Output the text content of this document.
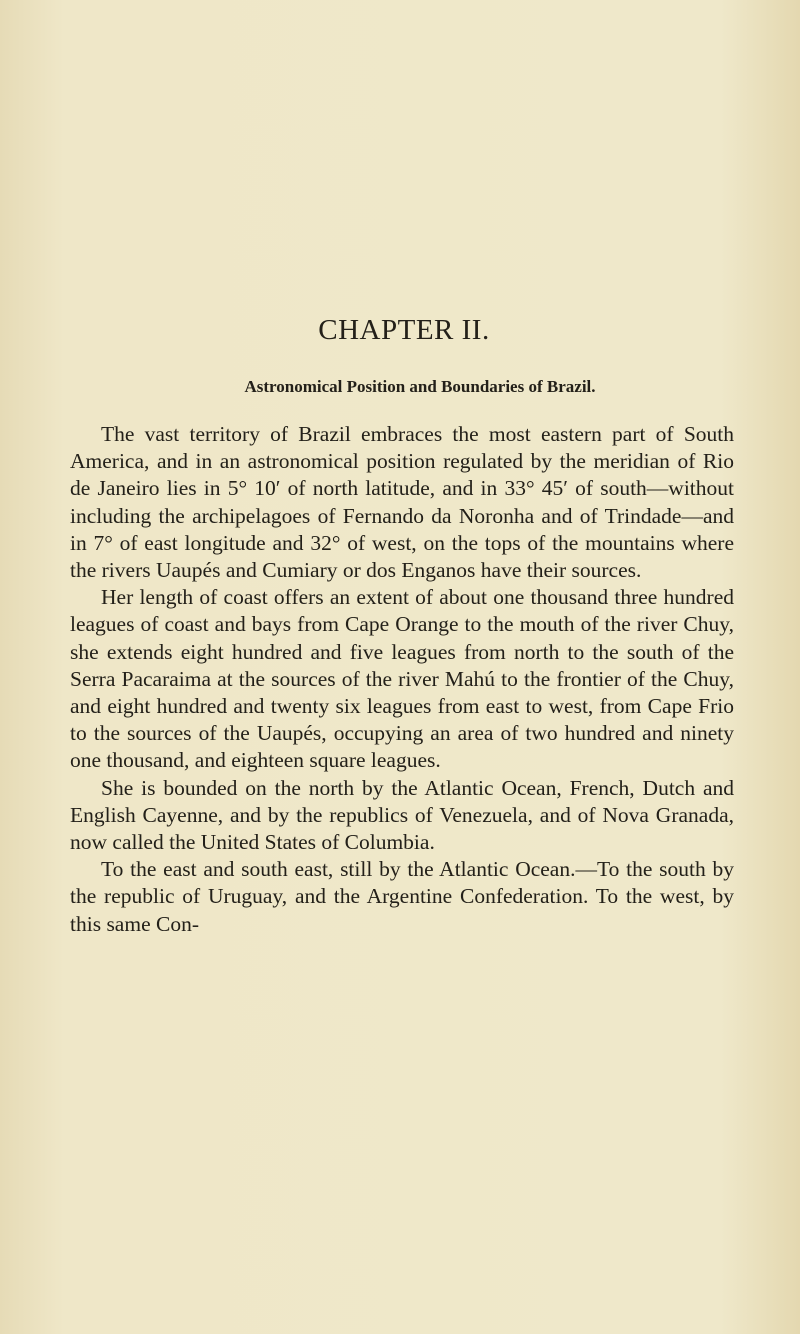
CHAPTER II.
Astronomical Position and Boundaries of Brazil.

The vast territory of Brazil embraces the most eastern part of South America, and in an astronomical position regulated by the meridian of Rio de Janeiro lies in 5° 10′ of north latitude, and in 33° 45′ of south—without including the archipelagoes of Fernando da Noronha and of Trindade—and in 7° of east longitude and 32° of west, on the tops of the mountains where the rivers Uaupés and Cumiary or dos Enganos have their sources.

Her length of coast offers an extent of about one thousand three hundred leagues of coast and bays from Cape Orange to the mouth of the river Chuy, she extends eight hundred and five leagues from north to the south of the Serra Pacaraima at the sources of the river Mahú to the frontier of the Chuy, and eight hundred and twenty six leagues from east to west, from Cape Frio to the sources of the Uaupés, occupying an area of two hundred and ninety one thousand, and eighteen square leagues.

She is bounded on the north by the Atlantic Ocean, French, Dutch and English Cayenne, and by the republics of Venezuela, and of Nova Granada, now called the United States of Columbia.

To the east and south east, still by the Atlantic Ocean.—To the south by the republic of Uruguay, and the Argentine Confederation. To the west, by this same Con-
